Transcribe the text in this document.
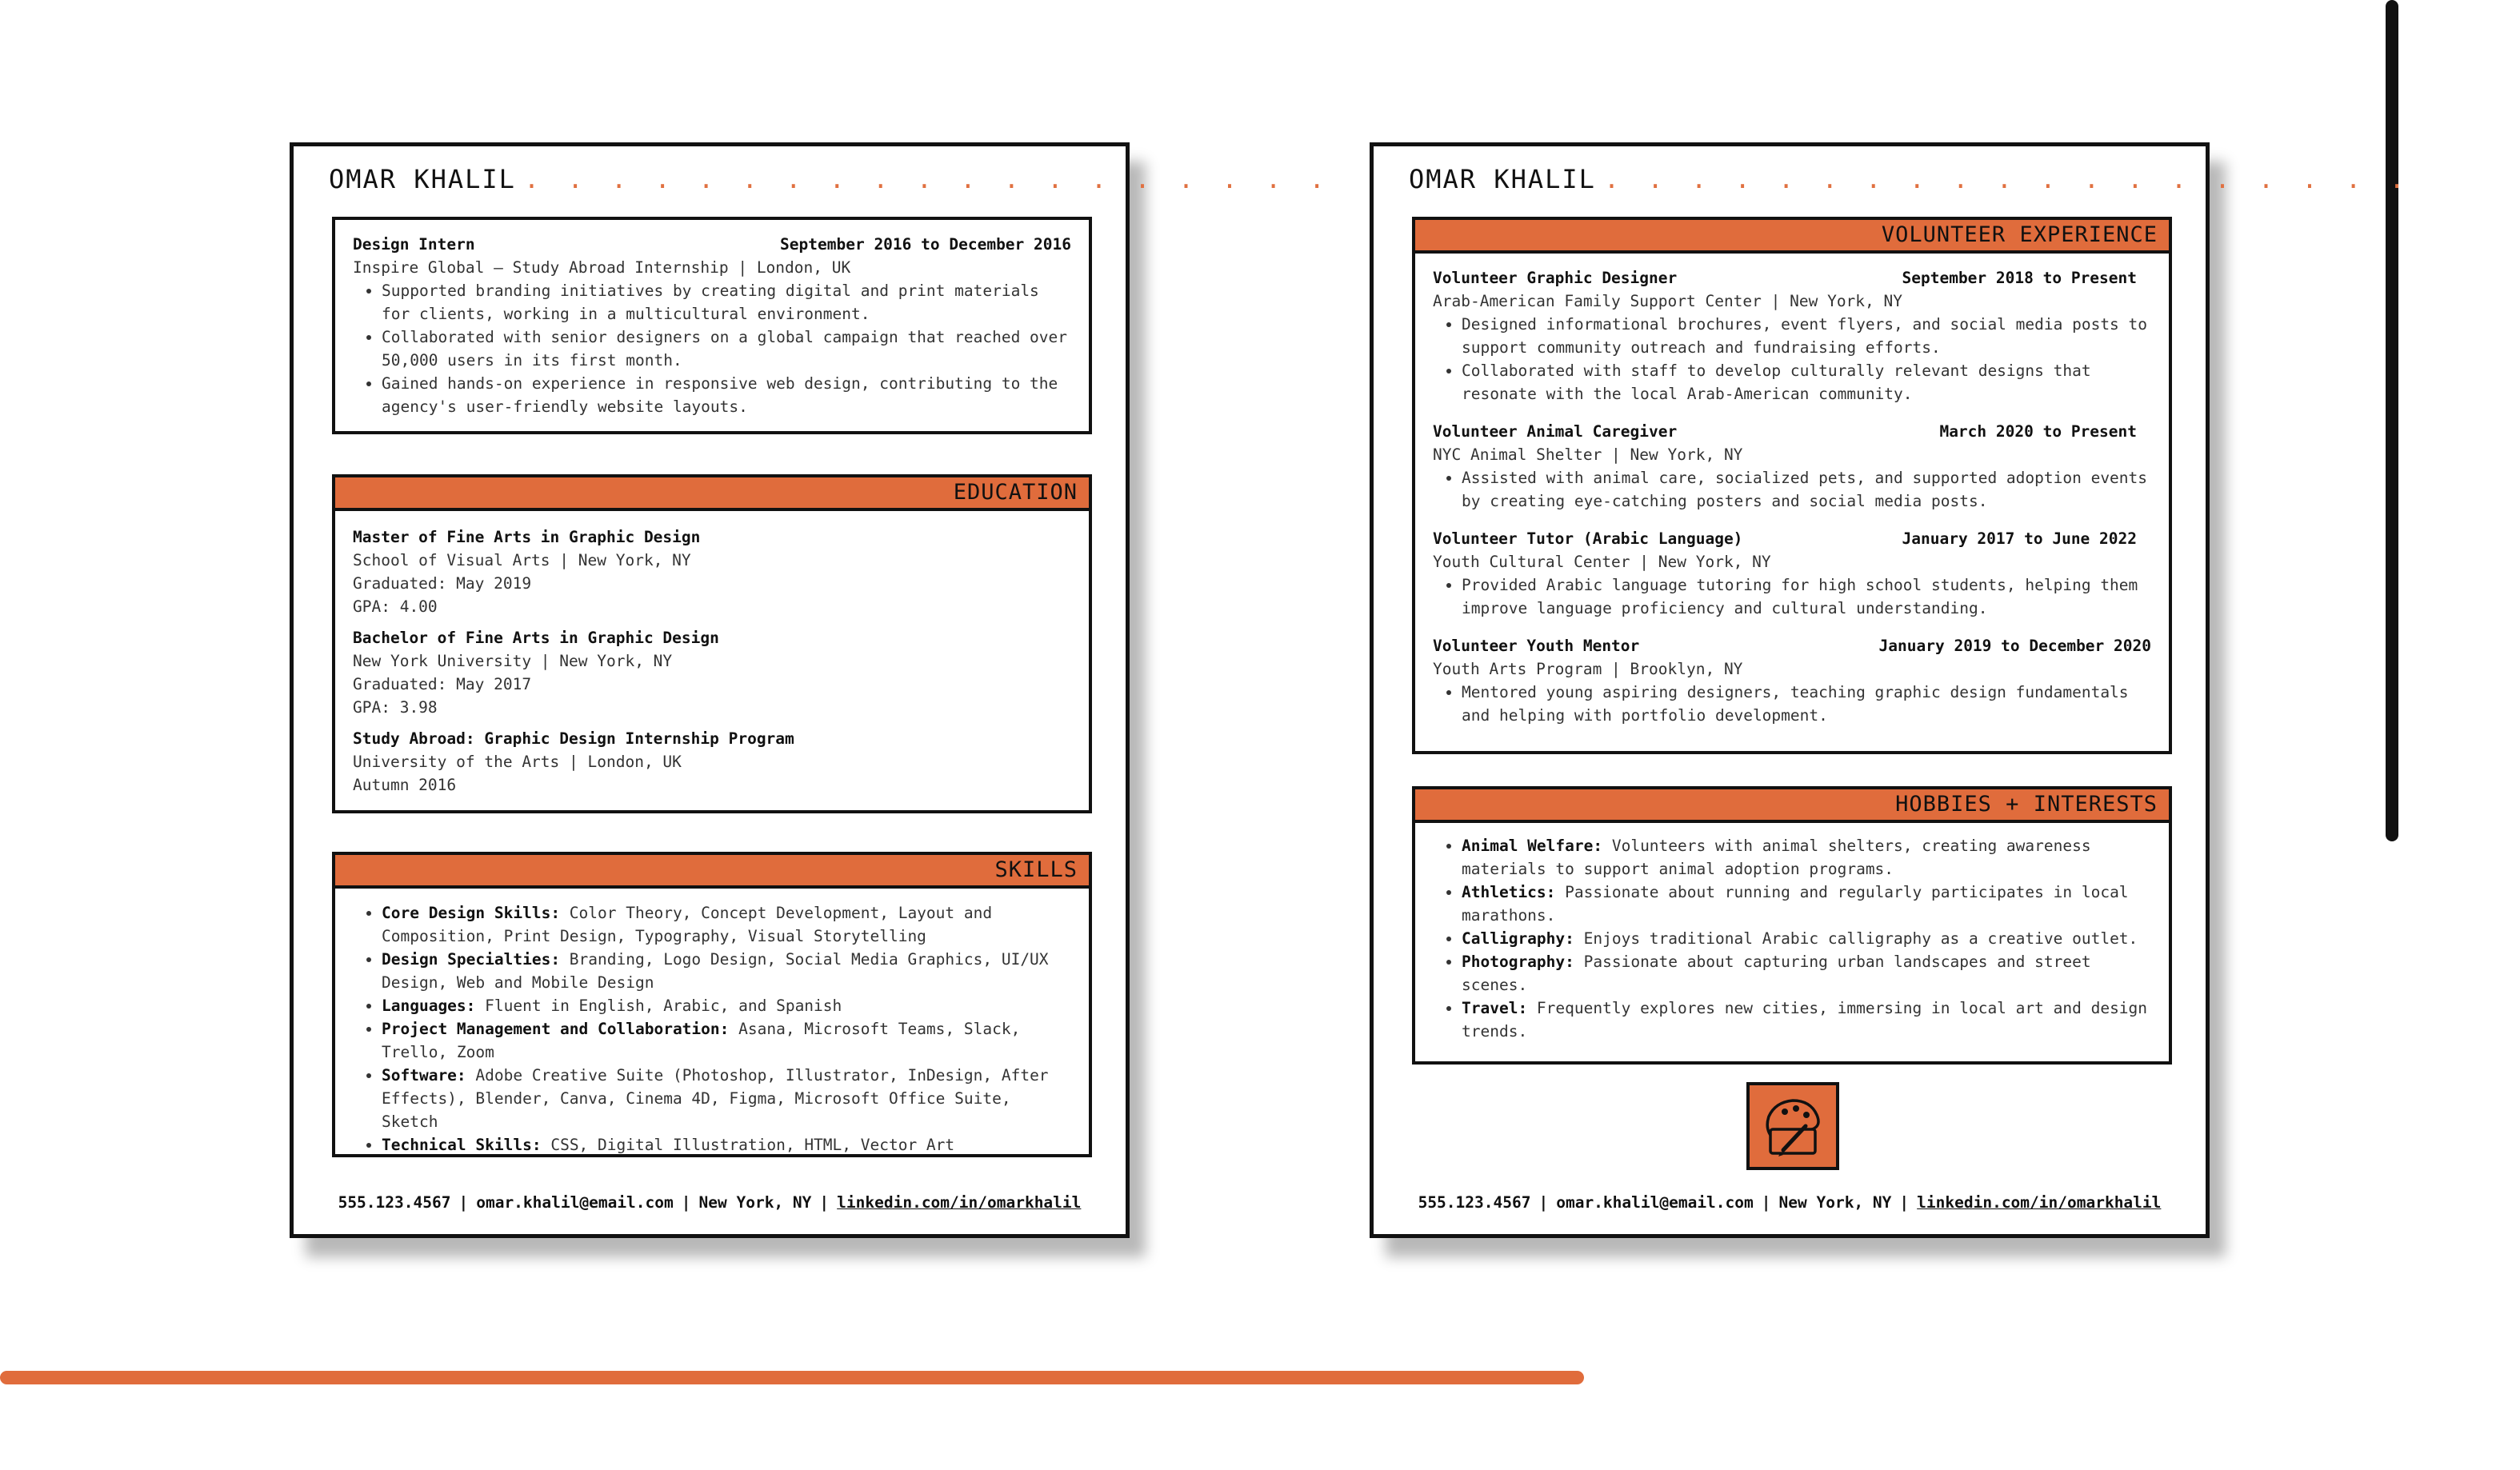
OMAR KHALIL . . . . . . . . . . . . . . . . . . .
Design Intern	September 2016 to December 2016
Inspire Global – Study Abroad Internship | London, UK
• Supported branding initiatives by creating digital and print materials for clients, working in a multicultural environment.
• Collaborated with senior designers on a global campaign that reached over 50,000 users in its first month.
• Gained hands-on experience in responsive web design, contributing to the agency's user-friendly website layouts.
EDUCATION
Master of Fine Arts in Graphic Design
School of Visual Arts | New York, NY
Graduated: May 2019
GPA: 4.00
Bachelor of Fine Arts in Graphic Design
New York University | New York, NY
Graduated: May 2017
GPA: 3.98
Study Abroad: Graphic Design Internship Program
University of the Arts | London, UK
Autumn 2016
SKILLS
• Core Design Skills: Color Theory, Concept Development, Layout and Composition, Print Design, Typography, Visual Storytelling
• Design Specialties: Branding, Logo Design, Social Media Graphics, UI/UX Design, Web and Mobile Design
• Languages: Fluent in English, Arabic, and Spanish
• Project Management and Collaboration: Asana, Microsoft Teams, Slack, Trello, Zoom
• Software: Adobe Creative Suite (Photoshop, Illustrator, InDesign, After Effects), Blender, Canva, Cinema 4D, Figma, Microsoft Office Suite, Sketch
• Technical Skills: CSS, Digital Illustration, HTML, Vector Art
555.123.4567 | omar.khalil@email.com | New York, NY | linkedin.com/in/omarkhalil
OMAR KHALIL . . . . . . . . . . . . . . . . . . .
VOLUNTEER EXPERIENCE
Volunteer Graphic Designer	September 2018 to Present
Arab-American Family Support Center | New York, NY
• Designed informational brochures, event flyers, and social media posts to support community outreach and fundraising efforts.
• Collaborated with staff to develop culturally relevant designs that resonate with the local Arab-American community.
Volunteer Animal Caregiver	March 2020 to Present
NYC Animal Shelter | New York, NY
• Assisted with animal care, socialized pets, and supported adoption events by creating eye-catching posters and social media posts.
Volunteer Tutor (Arabic Language)	January 2017 to June 2022
Youth Cultural Center | New York, NY
• Provided Arabic language tutoring for high school students, helping them improve language proficiency and cultural understanding.
Volunteer Youth Mentor	January 2019 to December 2020
Youth Arts Program | Brooklyn, NY
• Mentored young aspiring designers, teaching graphic design fundamentals and helping with portfolio development.
HOBBIES + INTERESTS
• Animal Welfare: Volunteers with animal shelters, creating awareness materials to support animal adoption programs.
• Athletics: Passionate about running and regularly participates in local marathons.
• Calligraphy: Enjoys traditional Arabic calligraphy as a creative outlet.
• Photography: Passionate about capturing urban landscapes and street scenes.
• Travel: Frequently explores new cities, immersing in local art and design trends.
555.123.4567 | omar.khalil@email.com | New York, NY | linkedin.com/in/omarkhalil
